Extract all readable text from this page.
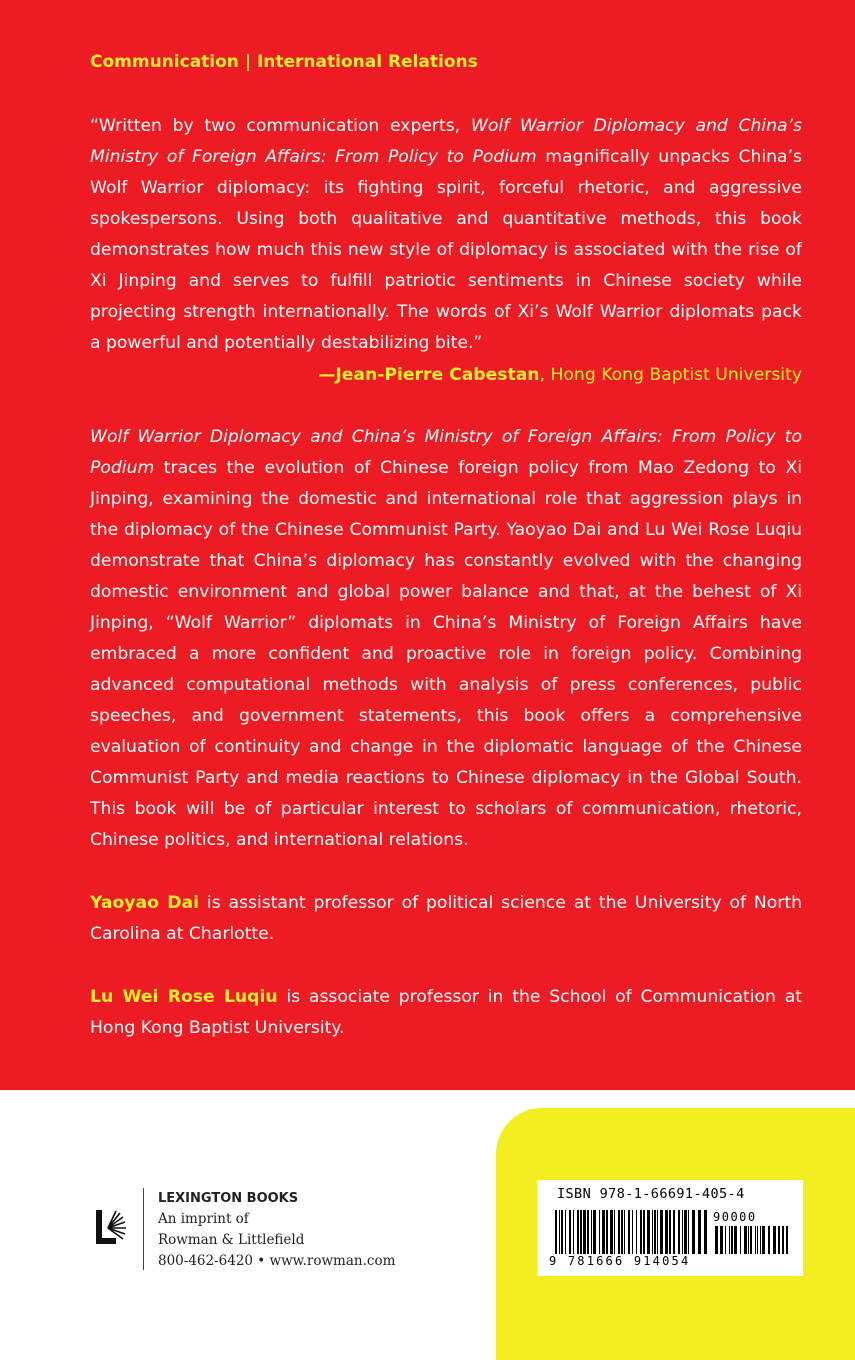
Communication | International Relations
“Written by two communication experts, Wolf Warrior Diplomacy and China’s Ministry of Foreign Affairs: From Policy to Podium magnifically unpacks China’s Wolf Warrior diplomacy: its fighting spirit, forceful rhetoric, and aggressive spokespersons. Using both qualitative and quantitative methods, this book demonstrates how much this new style of diplomacy is associated with the rise of Xi Jinping and serves to fulfill patriotic sentiments in Chinese society while projecting strength internationally. The words of Xi’s Wolf Warrior diplomats pack a powerful and potentially destabilizing bite.”
—Jean-Pierre Cabestan, Hong Kong Baptist University
Wolf Warrior Diplomacy and China’s Ministry of Foreign Affairs: From Policy to Podium traces the evolution of Chinese foreign policy from Mao Zedong to Xi Jinping, examining the domestic and international role that aggression plays in the diplomacy of the Chinese Communist Party. Yaoyao Dai and Lu Wei Rose Luqiu demonstrate that China’s diplomacy has constantly evolved with the changing domestic environment and global power balance and that, at the behest of Xi Jinping, “Wolf Warrior” diplomats in China’s Ministry of Foreign Affairs have embraced a more confident and proactive role in foreign policy. Combining advanced computational methods with analysis of press conferences, public speeches, and government statements, this book offers a comprehensive evaluation of continuity and change in the diplomatic language of the Chinese Communist Party and media reactions to Chinese diplomacy in the Global South. This book will be of particular interest to scholars of communication, rhetoric, Chinese politics, and international relations.
Yaoyao Dai is assistant professor of political science at the University of North Carolina at Charlotte.
Lu Wei Rose Luqiu is associate professor in the School of Communication at Hong Kong Baptist University.
ISBN 978-1-66691-405-4
90000
9 781666 914054
LEXINGTON BOOKS
An imprint of
Rowman & Littlefield
800-462-6420 • www.rowman.com
